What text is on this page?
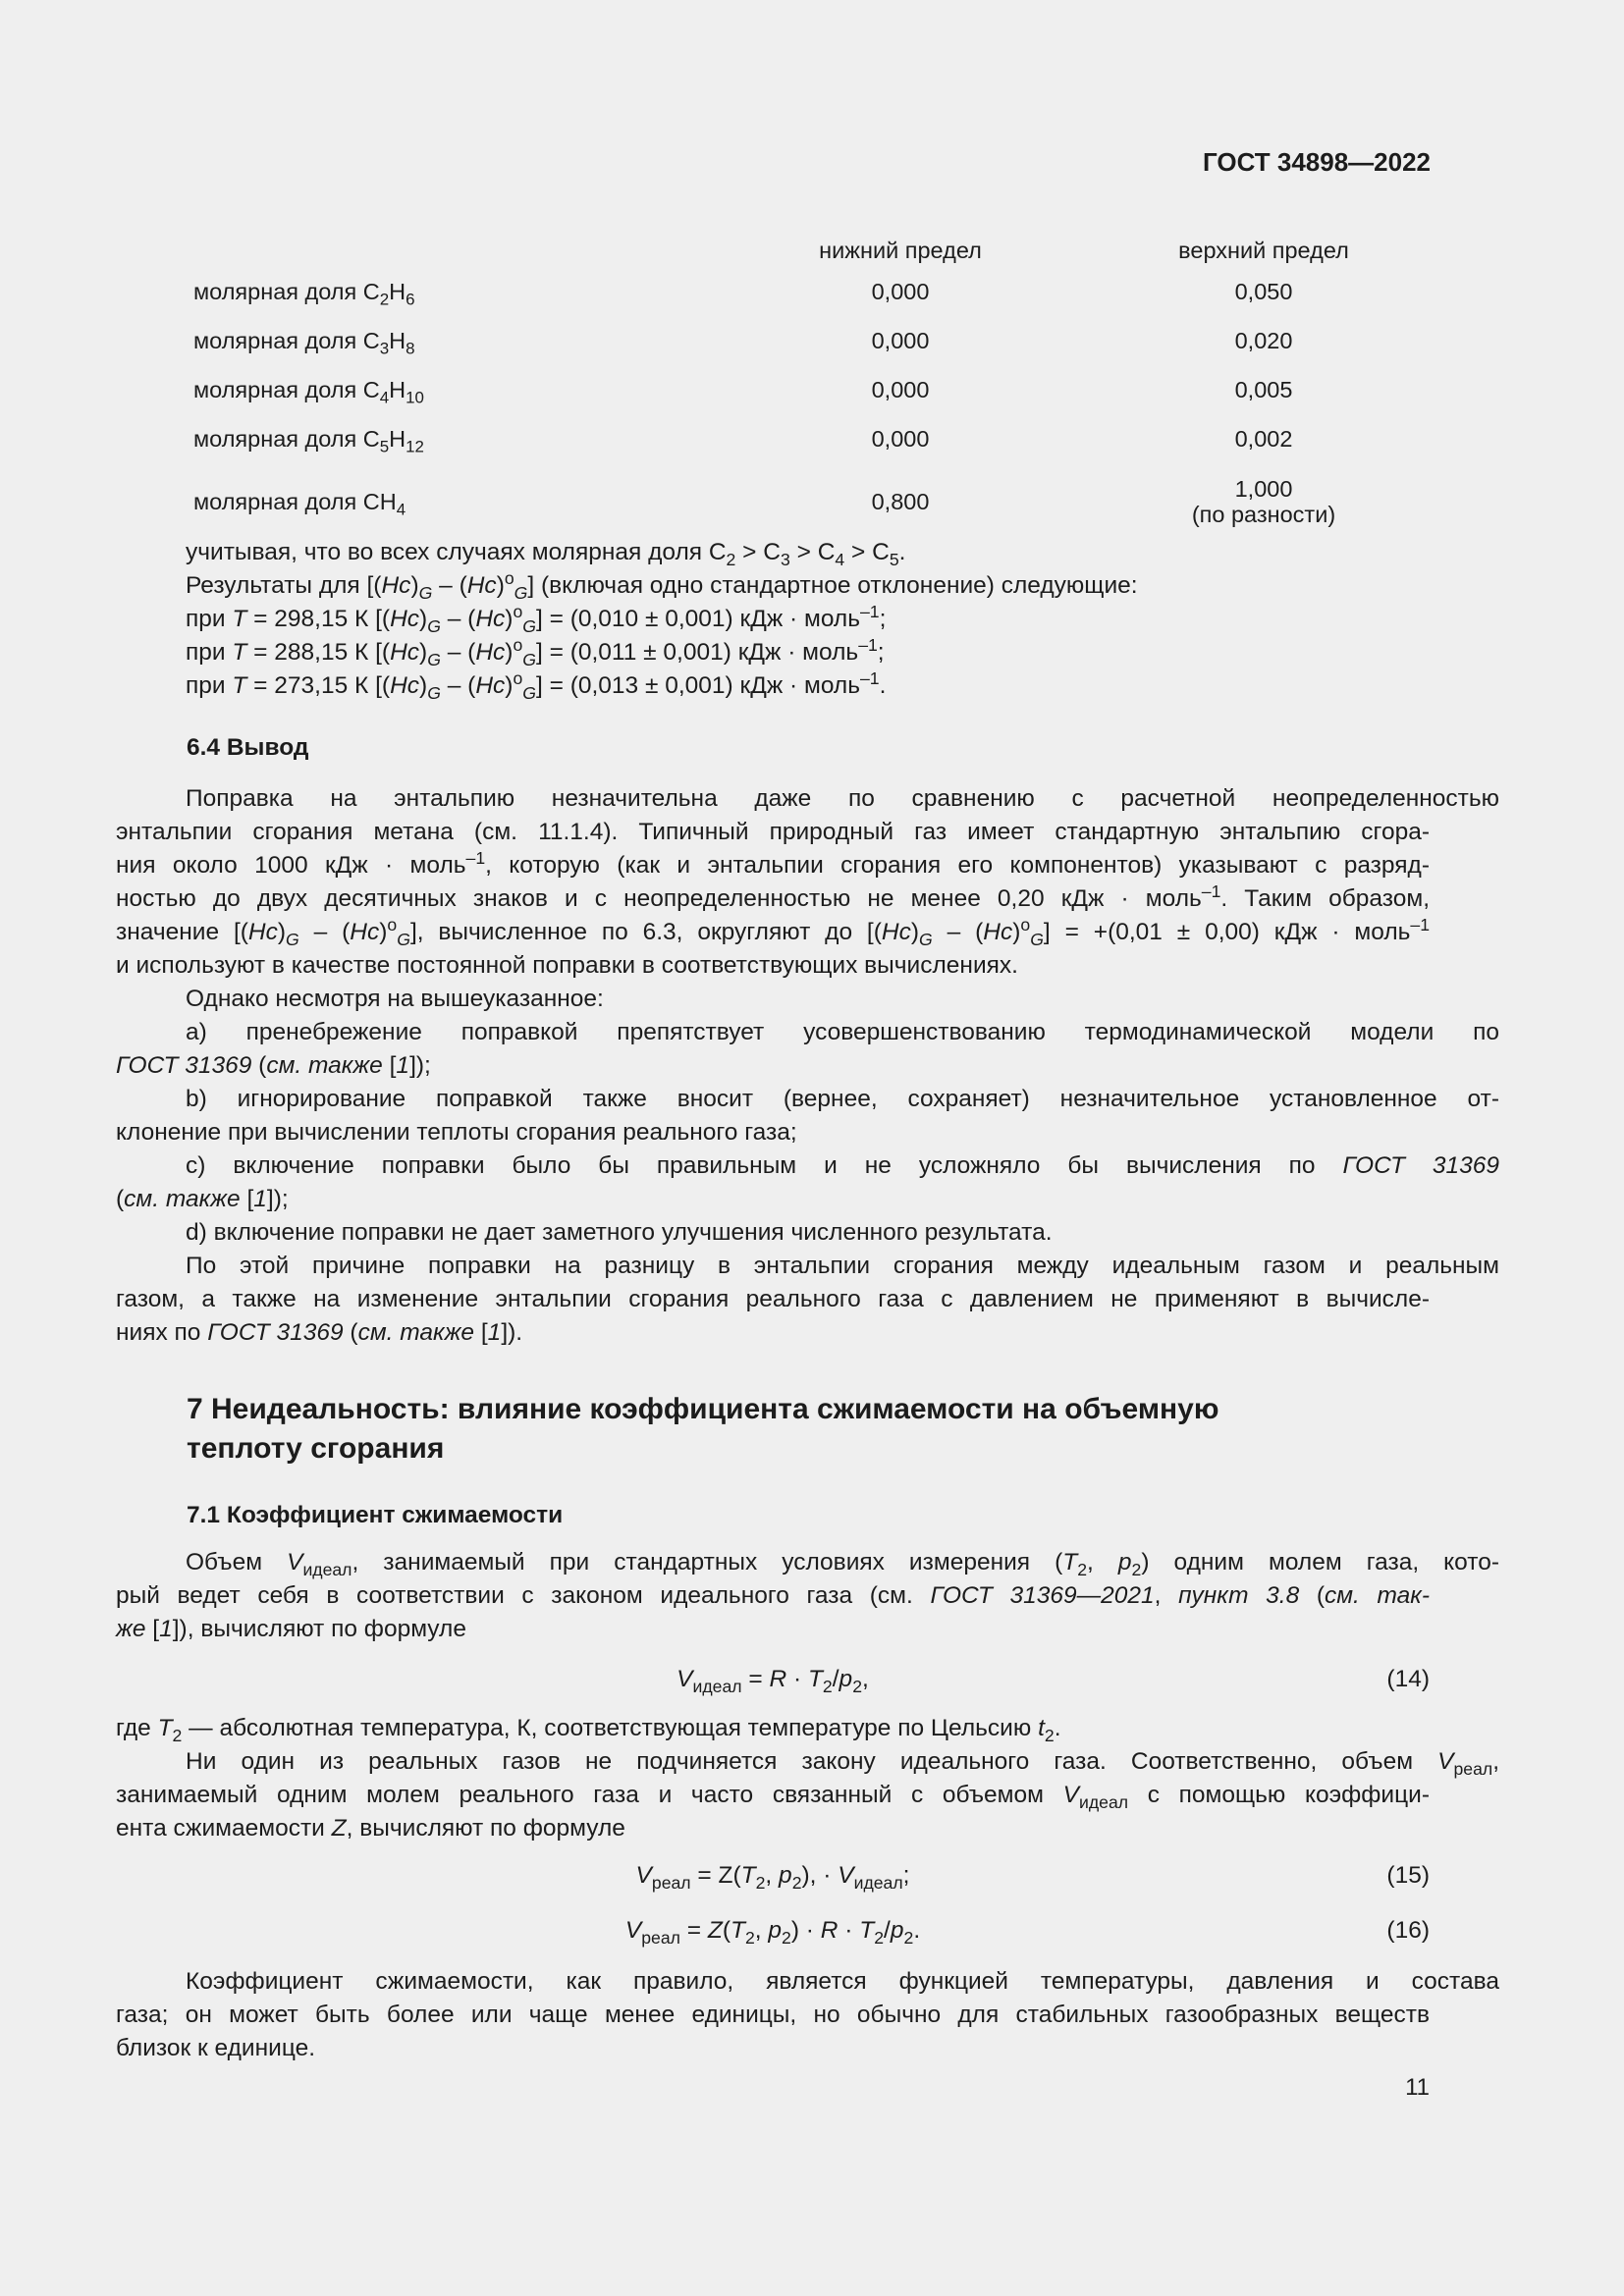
ГОСТ 34898—2022
	нижний предел	верхний предел
молярная доля $C_2H_6$	0,000	0,050
молярная доля $C_3H_8$	0,000	0,020
молярная доля $C_4H_{10}$	0,000	0,005
молярная доля $C_5H_{12}$	0,000	0,002
молярная доля $CH_4$	0,800	1,000
(по разности)
учитывая, что во всех случаях молярная доля $C_2 > C_3 > C_4 > C_5$.
Результаты для $[(Hc)_G - (Hc)^o_G]$ (включая одно стандартное отклонение) следующие:
при T = 298,15 К $[(Hc)_G - (Hc)^o_G] = (0,010 \pm 0,001)$ кДж · моль$^{-1}$;
при T = 288,15 К $[(Hc)_G - (Hc)^o_G] = (0,011 \pm 0,001)$ кДж · моль$^{-1}$;
при T = 273,15 К $[(Hc)_G - (Hc)^o_G] = (0,013 \pm 0,001)$ кДж · моль$^{-1}$.
6.4 Вывод
Поправка на энтальпию незначительна даже по сравнению с расчетной неопределенностью
энтальпии сгорания метана (см. 11.1.4). Типичный природный газ имеет стандартную энтальпию сгора-
ния около 1000 кДж · моль$^{-1}$, которую (как и энтальпии сгорания его компонентов) указывают с разряд-
ностью до двух десятичных знаков и с неопределенностью не менее 0,20 кДж · моль$^{-1}$. Таким образом,
значение $[(Hc)_G - (Hc)^o_G]$, вычисленное по 6.3, округляют до $[(Hc)_G - (Hc)^o_G] = +(0,01 \pm 0,00)$ кДж · моль$^{-1}$
и используют в качестве постоянной поправки в соответствующих вычислениях.
Однако несмотря на вышеуказанное:
a) пренебрежение поправкой препятствует усовершенствованию термодинамической модели по
ГОСТ 31369 (см. также [1]);
b) игнорирование поправкой также вносит (вернее, сохраняет) незначительное установленное от-
клонение при вычислении теплоты сгорания реального газа;
c) включение поправки было бы правильным и не усложняло бы вычисления по ГОСТ 31369
(см. также [1]);
d) включение поправки не дает заметного улучшения численного результата.
По этой причине поправки на разницу в энтальпии сгорания между идеальным газом и реальным
газом, а также на изменение энтальпии сгорания реального газа с давлением не применяют в вычисле-
ниях по ГОСТ 31369 (см. также [1]).
7 Неидеальность: влияние коэффициента сжимаемости на объемную
теплоту сгорания
7.1 Коэффициент сжимаемости
Объем $V_{идеал}$, занимаемый при стандартных условиях измерения ($T_2$, $p_2$) одним молем газа, кото-
рый ведет себя в соответствии с законом идеального газа (см. ГОСТ 31369—2021, пункт 3.8 (см. так-
же [1]), вычисляют по формуле
$V_{идеал} = R \cdot T_2/p_2$,	(14)
где $T_2$ — абсолютная температура, К, соответствующая температуре по Цельсию $t_2$.
Ни один из реальных газов не подчиняется закону идеального газа. Соответственно, объем $V_{реал}$,
занимаемый одним молем реального газа и часто связанный с объемом $V_{идеал}$ с помощью коэффици-
ента сжимаемости Z, вычисляют по формуле
$V_{реал} = Z(T_2$, $p_2$), · $V_{идеал}$;	(15)
$V_{реал} = Z(T_2$, $p_2) \cdot R \cdot T_2/p_2$.	(16)
Коэффициент сжимаемости, как правило, является функцией температуры, давления и состава
газа; он может быть более или чаще менее единицы, но обычно для стабильных газообразных веществ
близок к единице.
11
